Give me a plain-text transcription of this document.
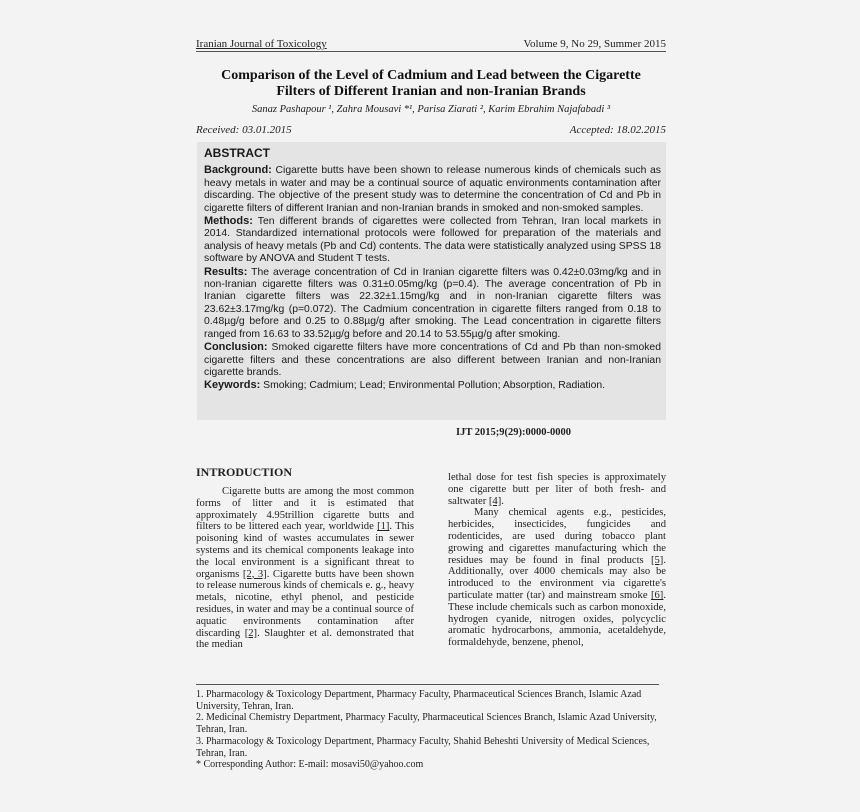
Iranian Journal of Toxicology	Volume 9, No 29, Summer 2015
Comparison of the Level of Cadmium and Lead between the Cigarette
Filters of Different Iranian and non-Iranian Brands
Sanaz Pashapour ¹, Zahra Mousavi *¹, Parisa Ziarati ², Karim Ebrahim Najafabadi ³
Received: 03.01.2015	Accepted: 18.02.2015
ABSTRACT

Background: Cigarette butts have been shown to release numerous kinds of chemicals such as heavy metals in water and may be a continual source of aquatic environments contamination after discarding. The objective of the present study was to determine the concentration of Cd and Pb in cigarette filters of different Iranian and non-Iranian brands in smoked and non-smoked samples.

Methods: Ten different brands of cigarettes were collected from Tehran, Iran local markets in 2014. Standardized international protocols were followed for preparation of the materials and analysis of heavy metals (Pb and Cd) contents. The data were statistically analyzed using SPSS 18 software by ANOVA and Student T tests.

Results: The average concentration of Cd in Iranian cigarette filters was 0.42±0.03mg/kg and in non-Iranian cigarette filters was 0.31±0.05mg/kg (p=0.4). The average concentration of Pb in Iranian cigarette filters was 22.32±1.15mg/kg and in non-Iranian cigarette filters was 23.62±3.17mg/kg (p=0.072). The Cadmium concentration in cigarette filters ranged from 0.18 to 0.48µg/g before and 0.25 to 0.88µg/g after smoking. The Lead concentration in cigarette filters ranged from 16.63 to 33.52µg/g before and 20.14 to 53.55µg/g after smoking.

Conclusion: Smoked cigarette filters have more concentrations of Cd and Pb than non-smoked cigarette filters and these concentrations are also different between Iranian and non-Iranian cigarette brands.

Keywords: Smoking; Cadmium; Lead; Environmental Pollution; Absorption, Radiation.

IJT 2015;9(29):0000-0000
INTRODUCTION

Cigarette butts are among the most common forms of litter and it is estimated that approximately 4.95trillion cigarette butts and filters to be littered each year, worldwide [1]. This poisoning kind of wastes accumulates in sewer systems and its chemical components leakage into the local environment is a significant threat to organisms [2, 3]. Cigarette butts have been shown to release numerous kinds of chemicals e. g., heavy metals, nicotine, ethyl phenol, and pesticide residues, in water and may be a continual source of aquatic environments contamination after discarding [2]. Slaughter et al. demonstrated that the median

lethal dose for test fish species is approximately one cigarette butt per liter of both fresh- and saltwater [4].

Many chemical agents e.g., pesticides, herbicides, insecticides, fungicides and rodenticides, are used during tobacco plant growing and cigarettes manufacturing which the residues may be found in final products [5]. Additionally, over 4000 chemicals may also be introduced to the environment via cigarette's particulate matter (tar) and mainstream smoke [6]. These include chemicals such as carbon monoxide, hydrogen cyanide, nitrogen oxides, polycyclic aromatic hydrocarbons, ammonia, acetaldehyde, formaldehyde, benzene, phenol,

1. Pharmacology & Toxicology Department, Pharmacy Faculty, Pharmaceutical Sciences Branch, Islamic Azad University, Tehran, Iran.

2. Medicinal Chemistry Department, Pharmacy Faculty, Pharmaceutical Sciences Branch, Islamic Azad University, Tehran, Iran.

3. Pharmacology & Toxicology Department, Pharmacy Faculty, Shahid Beheshti University of Medical Sciences, Tehran, Iran.

* Corresponding Author: E-mail: mosavi50@yahoo.com
